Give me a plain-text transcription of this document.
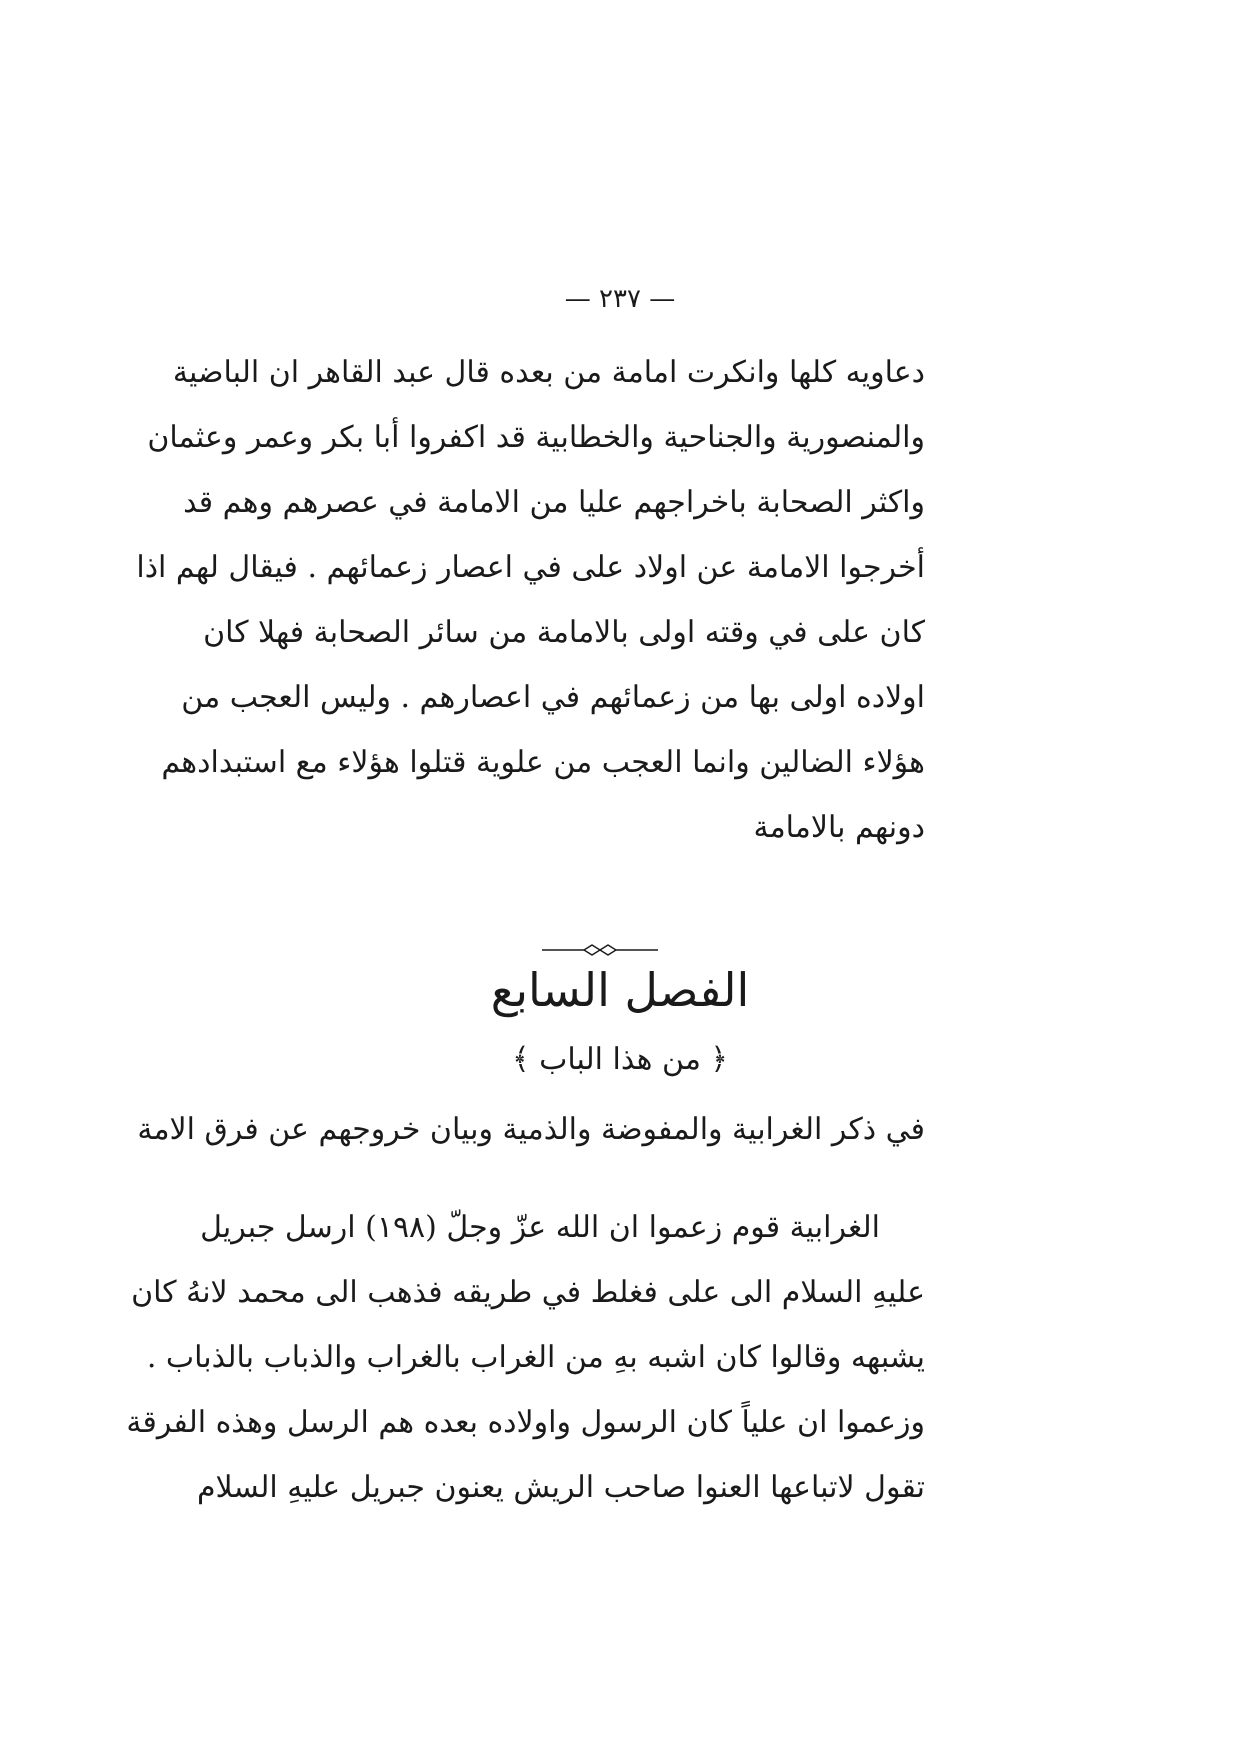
— ٢٣٧ —
دعاويه كلها وانكرت امامة من بعده قال عبد القاهر ان الباضية
والمنصورية والجناحية والخطابية قد اكفروا أبا بكر وعمر وعثمان
واكثر الصحابة باخراجهم عليا من الامامة في عصرهم وهم قد
أخرجوا الامامة عن اولاد على في اعصار زعمائهم . فيقال لهم اذا
كان على في وقته اولى بالامامة من سائر الصحابة فهلا كان
اولاده اولى بها من زعمائهم في اعصارهم . وليس العجب من
هؤلاء الضالين وانما العجب من علوية قتلوا هؤلاء مع استبدادهم
دونهم بالامامة
الفصل السابع
﴿ من هذا الباب ﴾
في ذكر الغرابية والمفوضة والذمية وبيان خروجهم عن فرق الامة
الغرابية قوم زعموا ان الله عزّ وجلّ (١٩٨) ارسل جبريل
عليهِ السلام الى على فغلط في طريقه فذهب الى محمد لانهُ كان
يشبهه وقالوا كان اشبه بهِ من الغراب بالغراب والذباب بالذباب .
وزعموا ان علياً كان الرسول واولاده بعده هم الرسل وهذه الفرقة
تقول لاتباعها العنوا صاحب الريش يعنون جبريل عليهِ السلام
